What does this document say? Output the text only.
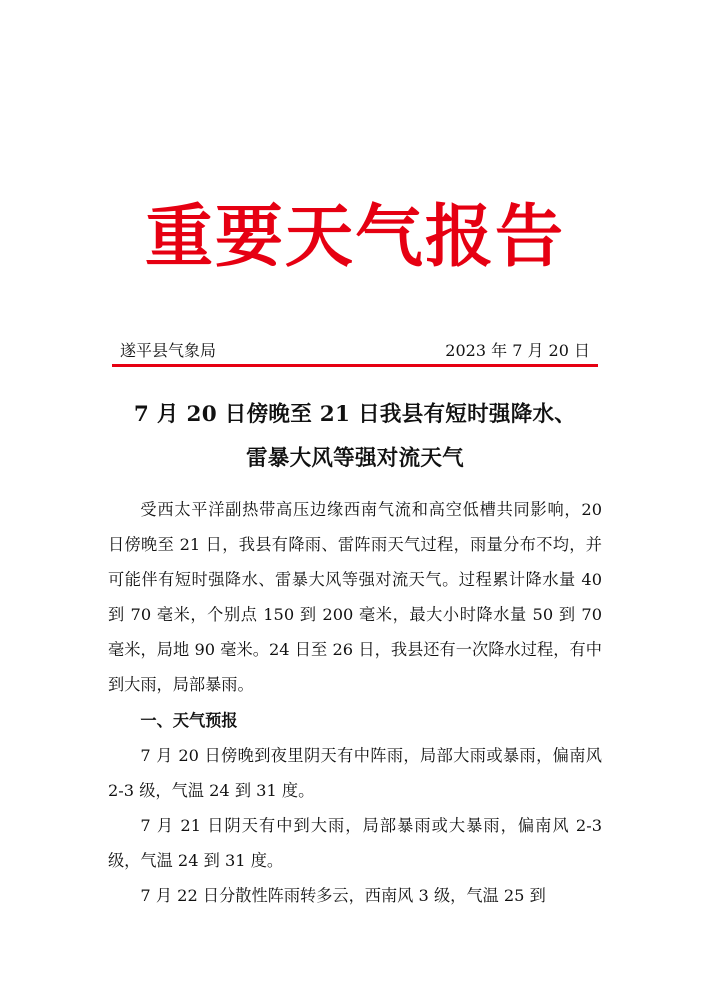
重要天气报告
遂平县气象局	2023 年 7 月 20 日
7 月 20 日傍晚至 21 日我县有短时强降水、
雷暴大风等强对流天气

受西太平洋副热带高压边缘西南气流和高空低槽共同影响，20 日傍晚至 21 日，我县有降雨、雷阵雨天气过程，雨量分布不均，并可能伴有短时强降水、雷暴大风等强对流天气。过程累计降水量 40 到 70 毫米，个别点 150 到 200 毫米，最大小时降水量 50 到 70 毫米，局地 90 毫米。24 日至 26 日，我县还有一次降水过程，有中到大雨，局部暴雨。

一、天气预报

7 月 20 日傍晚到夜里阴天有中阵雨，局部大雨或暴雨，偏南风 2-3 级，气温 24 到 31 度。

7 月 21 日阴天有中到大雨，局部暴雨或大暴雨，偏南风 2-3 级，气温 24 到 31 度。

7 月 22 日分散性阵雨转多云，西南风 3 级，气温 25 到
